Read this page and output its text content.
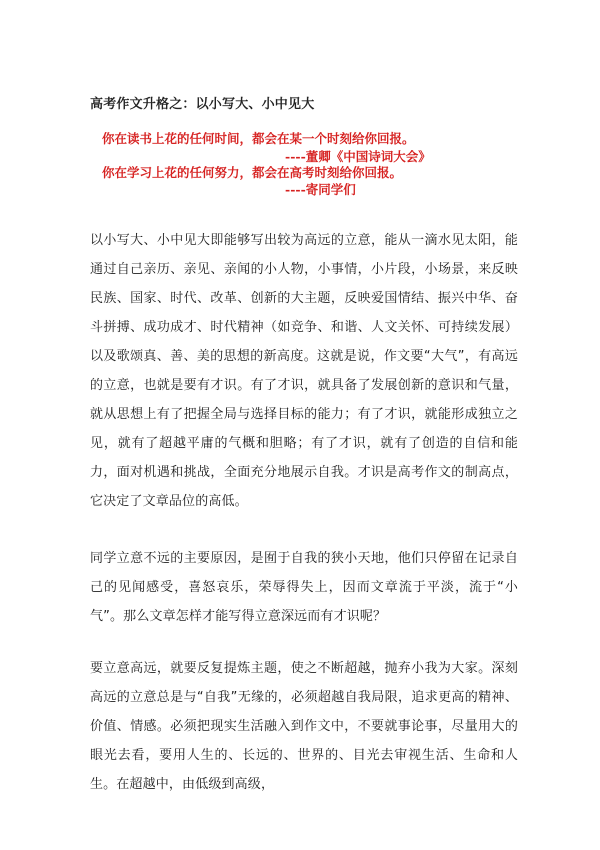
高考作文升格之：以小写大、小中见大
你在读书上花的任何时间，都会在某一个时刻给你回报。
----董卿《中国诗词大会》
你在学习上花的任何努力，都会在高考时刻给你回报。
----寄同学们
以小写大、小中见大即能够写出较为高远的立意，能从一滴水见太阳，能通过自己亲历、亲见、亲闻的小人物，小事情，小片段，小场景，来反映民族、国家、时代、改革、创新的大主题，反映爱国情结、振兴中华、奋斗拼搏、成功成才、时代精神（如竞争、和谐、人文关怀、可持续发展）以及歌颂真、善、美的思想的新高度。这就是说，作文要“大气”，有高远的立意，也就是要有才识。有了才识，就具备了发展创新的意识和气量，就从思想上有了把握全局与选择目标的能力；有了才识，就能形成独立之见，就有了超越平庸的气概和胆略；有了才识，就有了创造的自信和能力，面对机遇和挑战，全面充分地展示自我。才识是高考作文的制高点，它决定了文章品位的高低。
同学立意不远的主要原因，是囿于自我的狭小天地，他们只停留在记录自己的见闻感受，喜怒哀乐，荣辱得失上，因而文章流于平淡，流于“小气”。那么文章怎样才能写得立意深远而有才识呢？
要立意高远，就要反复提炼主题，使之不断超越，抛弃小我为大家。深刻高远的立意总是与“自我”无缘的，必须超越自我局限，追求更高的精神、价值、情感。必须把现实生活融入到作文中，不要就事论事，尽量用大的眼光去看，要用人生的、长远的、世界的、目光去审视生活、生命和人生。在超越中，由低级到高级，
